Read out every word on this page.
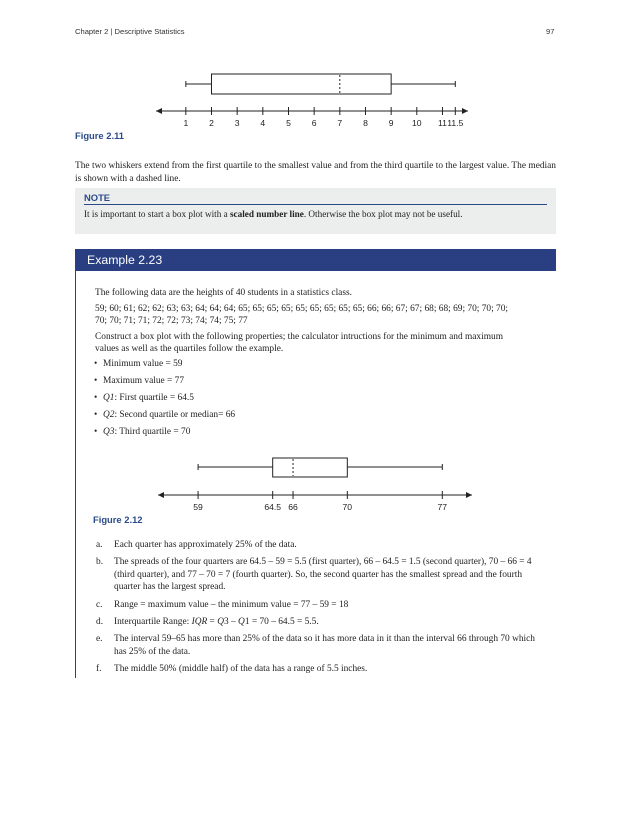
Chapter 2 | Descriptive Statistics	97
1 2 3 4 5 6 7 8 9 10 11 11.5
Figure 2.11

The two whiskers extend from the first quartile to the smallest value and from the third quartile to the largest value. The median is shown with a dashed line.

NOTE
It is important to start a box plot with a scaled number line. Otherwise the box plot may not be useful.
Example 2.23

The following data are the heights of 40 students in a statistics class.

59; 60; 61; 62; 62; 63; 63; 64; 64; 64; 65; 65; 65; 65; 65; 65; 65; 65; 65; 66; 66; 67; 67; 68; 68; 69; 70; 70; 70;

70; 70; 71; 71; 72; 72; 73; 74; 74; 75; 77

Construct a box plot with the following properties; the calculator intructions for the minimum and maximum

values as well as the quartiles follow the example.

• Minimum value = 59
• Maximum value = 77
• Q1: First quartile = 64.5
• Q2: Second quartile or median= 66
• Q3: Third quartile = 70
59	64.5 66	70	77
Figure 2.12
a. Each quarter has approximately 25% of the data.
b. The spreads of the four quarters are 64.5 – 59 = 5.5 (first quarter), 66 – 64.5 = 1.5 (second quarter), 70 – 66 = 4 (third quarter), and 77 – 70 = 7 (fourth quarter). So, the second quarter has the smallest spread and the fourth quarter has the largest spread.
c. Range = maximum value – the minimum value = 77 – 59 = 18
d. Interquartile Range: IQR = Q3 – Q1 = 70 – 64.5 = 5.5.
e. The interval 59–65 has more than 25% of the data so it has more data in it than the interval 66 through 70 which has 25% of the data.
f. The middle 50% (middle half) of the data has a range of 5.5 inches.
